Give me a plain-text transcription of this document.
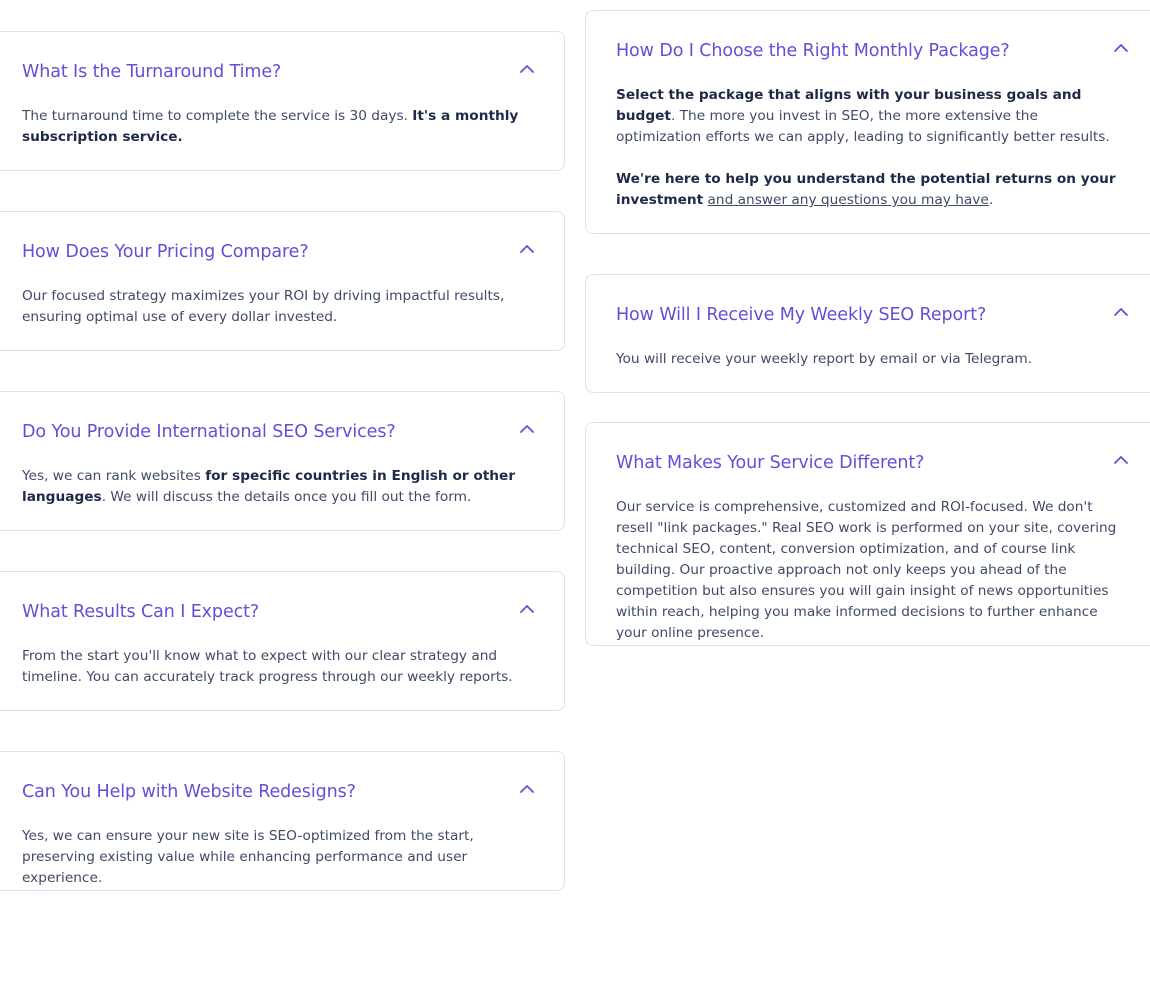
What Is the Turnaround Time?
The turnaround time to complete the service is 30 days. It's a monthly subscription service.
How Does Your Pricing Compare?
Our focused strategy maximizes your ROI by driving impactful results, ensuring optimal use of every dollar invested.
Do You Provide International SEO Services?
Yes, we can rank websites for specific countries in English or other languages. We will discuss the details once you fill out the form.
What Results Can I Expect?
From the start you'll know what to expect with our clear strategy and timeline. You can accurately track progress through our weekly reports.
Can You Help with Website Redesigns?
Yes, we can ensure your new site is SEO-optimized from the start, preserving existing value while enhancing performance and user experience.
How Do I Choose the Right Monthly Package?

Select the package that aligns with your business goals and budget. The more you invest in SEO, the more extensive the optimization efforts we can apply, leading to significantly better results.

We're here to help you understand the potential returns on your investment and answer any questions you may have.

How Will I Receive My Weekly SEO Report?
You will receive your weekly report by email or via Telegram.
What Makes Your Service Different?
Our service is comprehensive, customized and ROI-focused. We don't resell "link packages." Real SEO work is performed on your site, covering technical SEO, content, conversion optimization, and of course link building. Our proactive approach not only keeps you ahead of the competition but also ensures you will gain insight of news opportunities within reach, helping you make informed decisions to further enhance your online presence.
